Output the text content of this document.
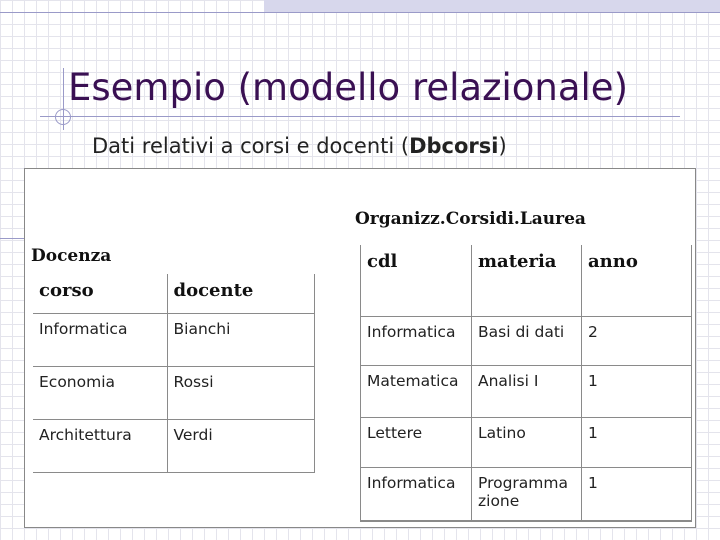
Esempio (modello relazionale)
Dati relativi a corsi e docenti (Dbcorsi)
Organizz.Corsidi.Laurea
Docenza
corso	docente
Informatica	Bianchi
Economia	Rossi
Architettura	Verdi
cdl	materia	anno
Informatica	Basi di dati	2
Matematica	Analisi I	1
Lettere	Latino	1
Informatica	Programma zione	1
